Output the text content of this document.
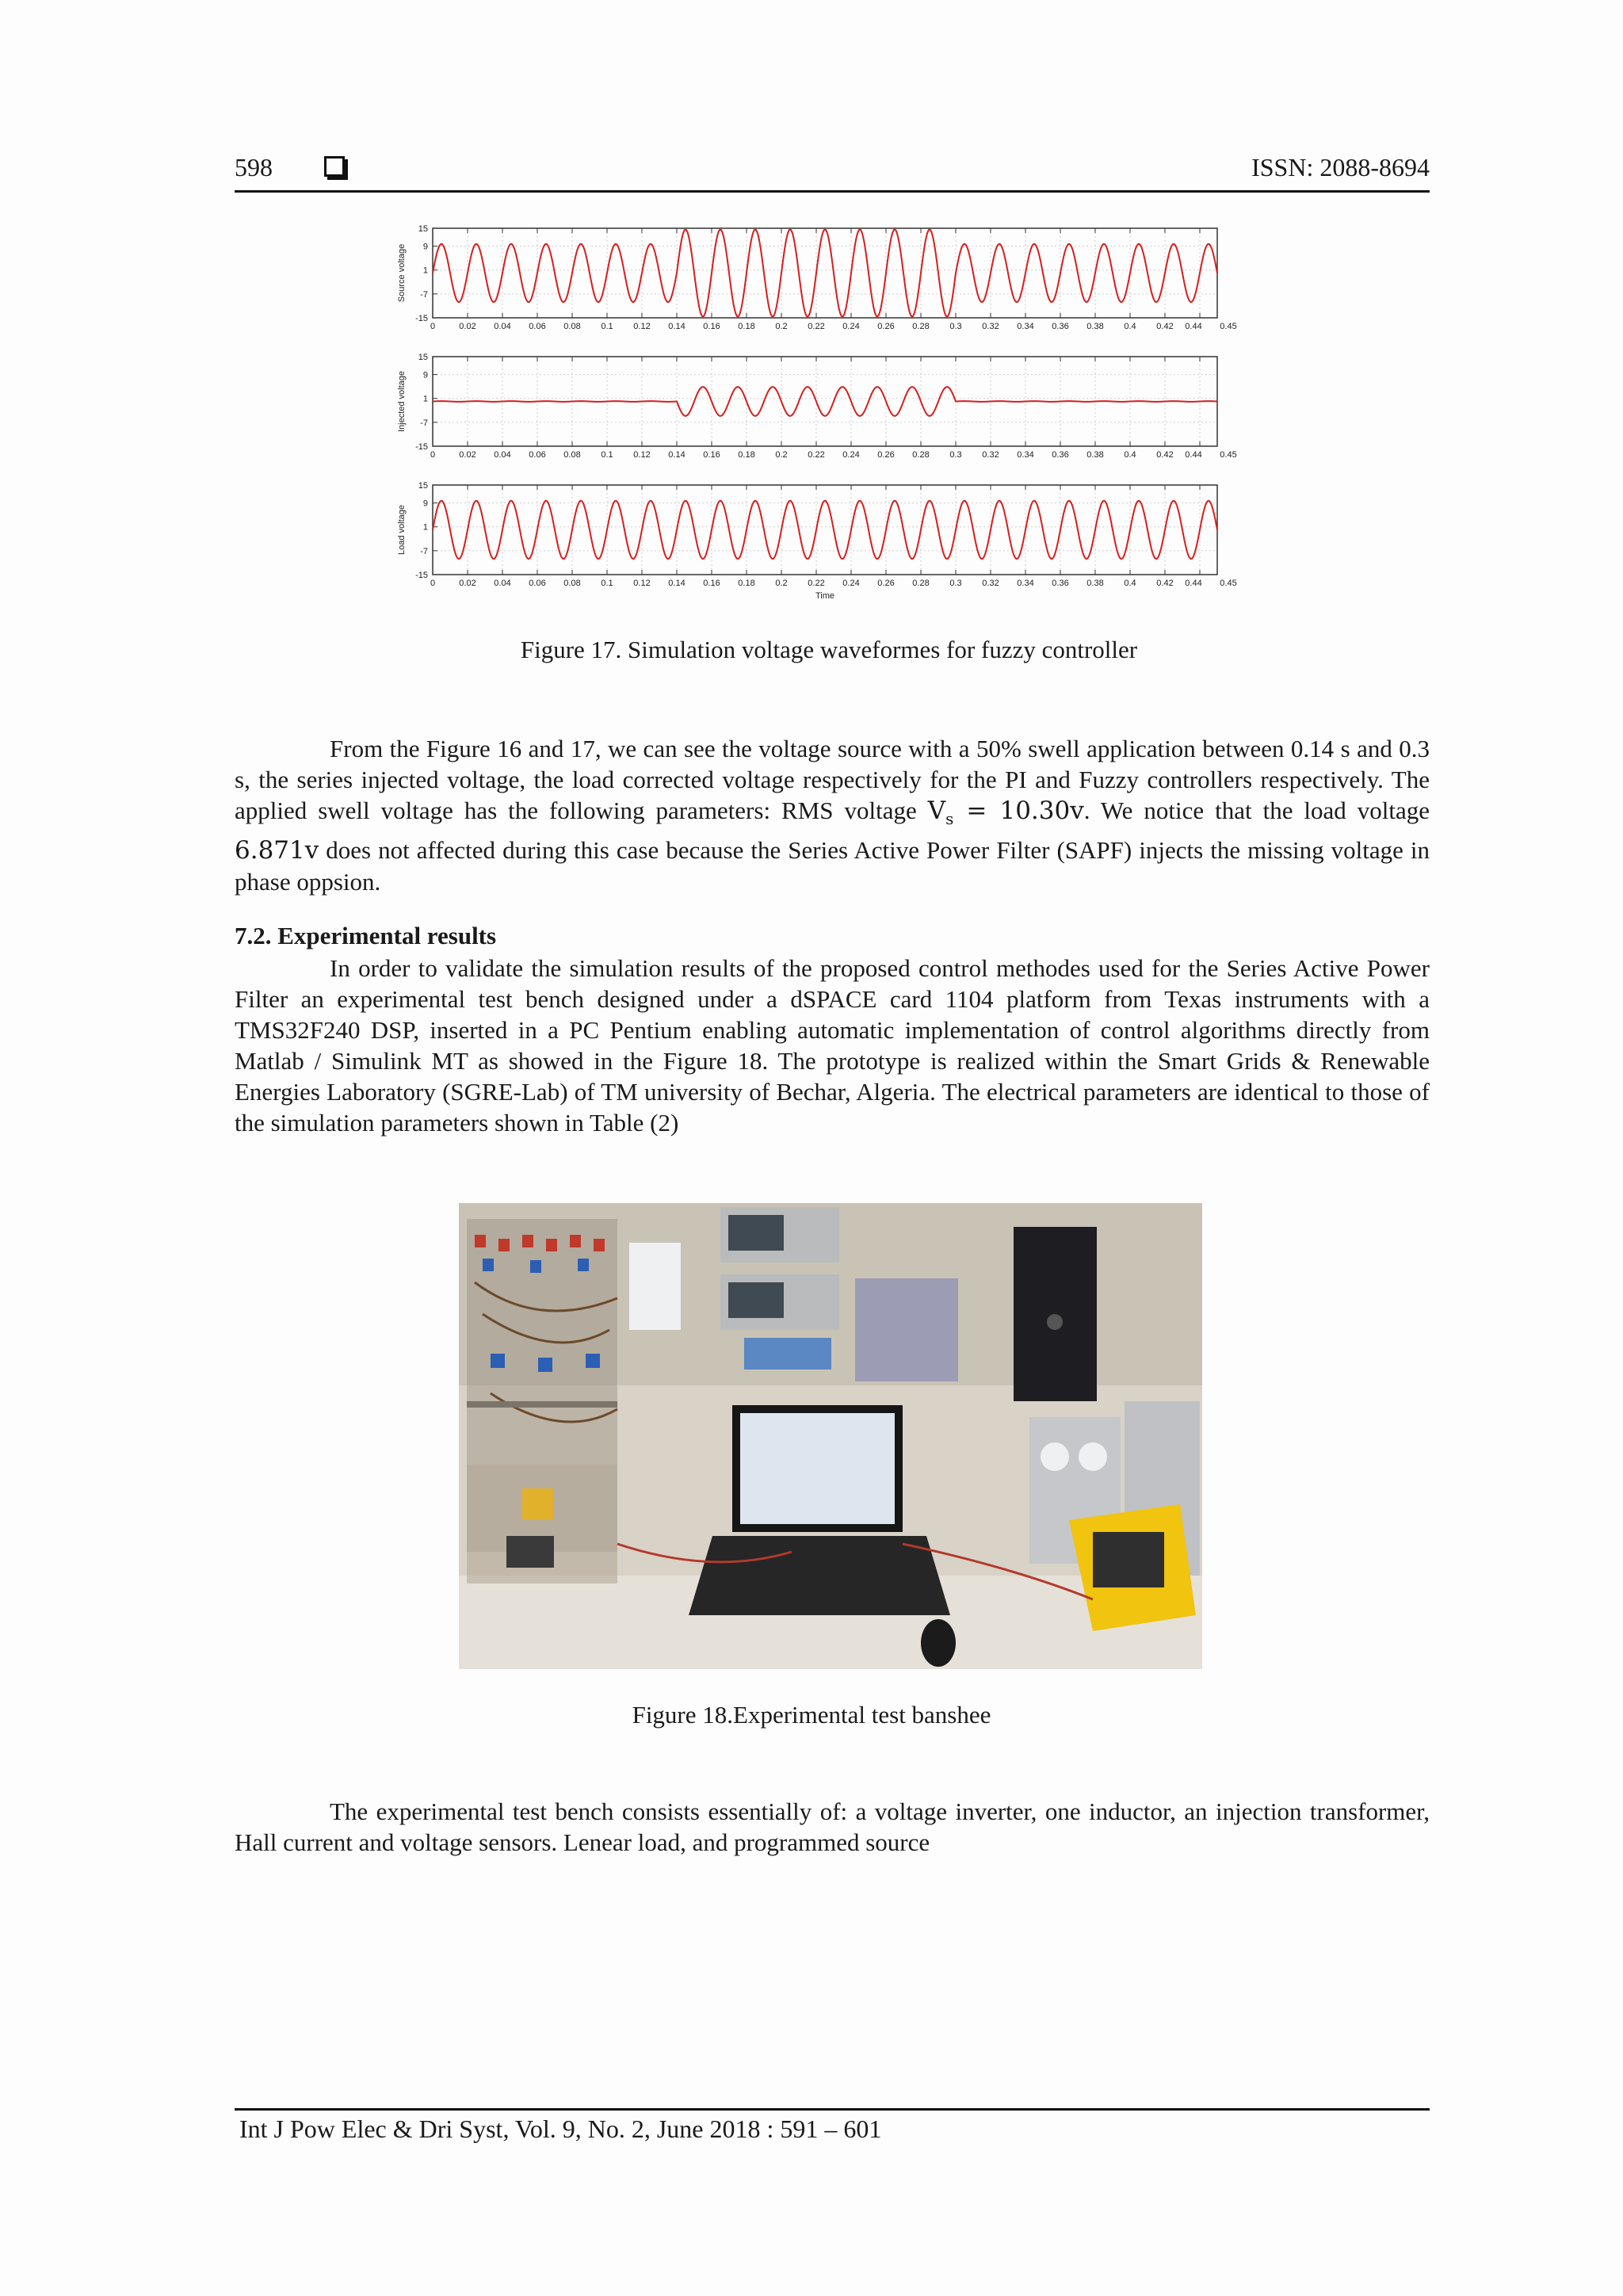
598	ISSN: 2088-8694
0	0.02 0.04 0.06 0.08 0.1 0.12 0.14 0.16 0.18 0.2 0.22 0.24 0.26 0.28 0.3 0.32 0.34 0.36 0.38 0.4 0.42 0.44 0.45
15
9
1
-7
-15
Source voltage
0	0.02 0.04 0.06 0.08 0.1 0.12 0.14 0.16 0.18 0.2 0.22 0.24 0.26 0.28 0.3 0.32 0.34 0.36 0.38 0.4 0.42 0.44 0.45
15
9
1
-7
-15
Injected voltage
0	0.02 0.04 0.06 0.08 0.1 0.12 0.14 0.16 0.18 0.2 0.22 0.24 0.26 0.28 0.3 0.32 0.34 0.36 0.38 0.4 0.42 0.44 0.45
15
9
1
-7
-15
Load voltage
Time
Figure 17. Simulation voltage waveformes for fuzzy controller
From the Figure 16 and 17, we can see the voltage source with a 50% swell application between 0.14 s and 0.3 s, the series injected voltage, the load corrected voltage respectively for the PI and Fuzzy controllers respectively. The applied swell voltage has the following parameters: RMS voltage $V_s = 10.30v$. We notice that the load voltage 6.871v does not affected during this case because the Series Active Power Filter (SAPF) injects the missing voltage in phase oppsion.
7.2. Experimental results
In order to validate the simulation results of the proposed control methodes used for the Series Active Power Filter an experimental test bench designed under a dSPACE card 1104 platform from Texas instruments with a TMS32F240 DSP, inserted in a PC Pentium enabling automatic implementation of control algorithms directly from Matlab / Simulink MT as showed in the Figure 18. The prototype is realized within the Smart Grids & Renewable Energies Laboratory (SGRE-Lab) of TM university of Bechar, Algeria. The electrical parameters are identical to those of the simulation parameters shown in Table (2)
Figure 18.Experimental test banshee
The experimental test bench consists essentially of: a voltage inverter, one inductor, an injection transformer, Hall current and voltage sensors. Lenear load, and programmed source
Int J Pow Elec & Dri Syst, Vol. 9, No. 2, June 2018 : 591 – 601
